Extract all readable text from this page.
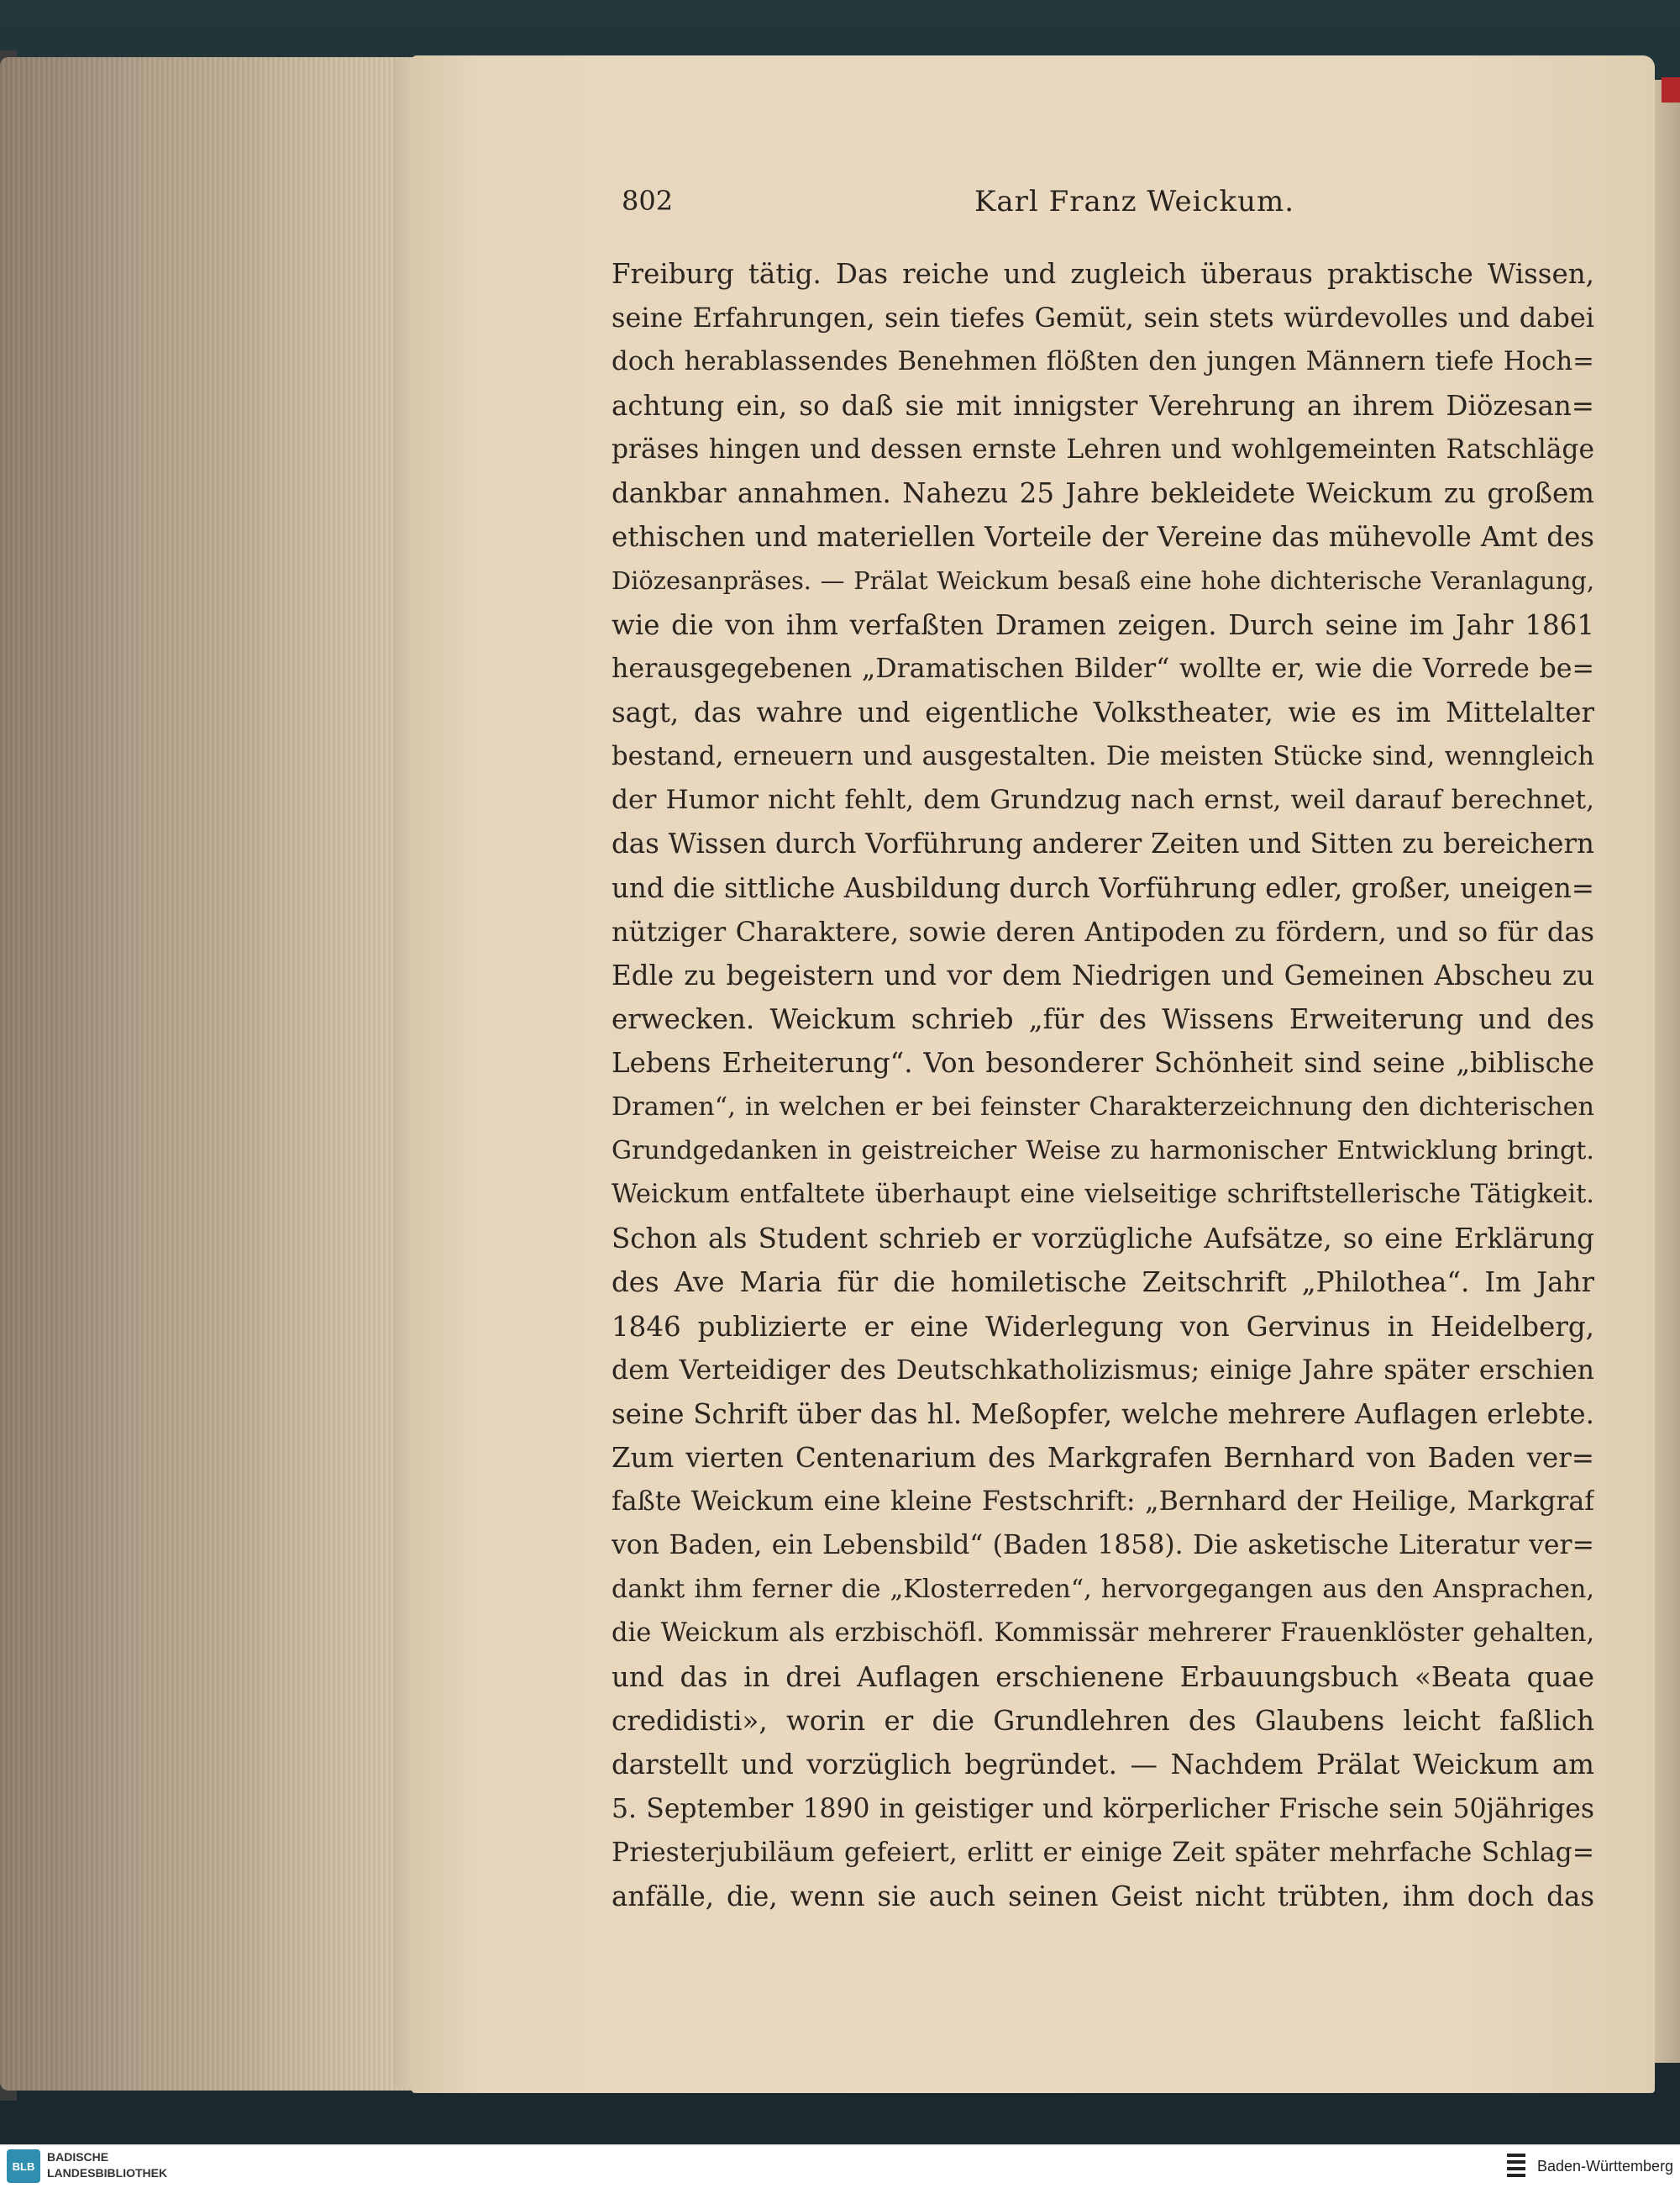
802	Karl Franz Weickum.
Freiburg tätig. Das reiche und zugleich überaus praktische Wissen,
seine Erfahrungen, sein tiefes Gemüt, sein stets würdevolles und dabei
doch herablassendes Benehmen flößten den jungen Männern tiefe Hoch=
achtung ein, so daß sie mit innigster Verehrung an ihrem Diözesan=
präses hingen und dessen ernste Lehren und wohlgemeinten Ratschläge
dankbar annahmen. Nahezu 25 Jahre bekleidete Weickum zu großem
ethischen und materiellen Vorteile der Vereine das mühevolle Amt des
Diözesanpräses. — Prälat Weickum besaß eine hohe dichterische Veranlagung,
wie die von ihm verfaßten Dramen zeigen. Durch seine im Jahr 1861
herausgegebenen „Dramatischen Bilder“ wollte er, wie die Vorrede be=
sagt, das wahre und eigentliche Volkstheater, wie es im Mittelalter
bestand, erneuern und ausgestalten. Die meisten Stücke sind, wenngleich
der Humor nicht fehlt, dem Grundzug nach ernst, weil darauf berechnet,
das Wissen durch Vorführung anderer Zeiten und Sitten zu bereichern
und die sittliche Ausbildung durch Vorführung edler, großer, uneigen=
nütziger Charaktere, sowie deren Antipoden zu fördern, und so für das
Edle zu begeistern und vor dem Niedrigen und Gemeinen Abscheu zu
erwecken. Weickum schrieb „für des Wissens Erweiterung und des
Lebens Erheiterung“. Von besonderer Schönheit sind seine „biblische
Dramen“, in welchen er bei feinster Charakterzeichnung den dichterischen
Grundgedanken in geistreicher Weise zu harmonischer Entwicklung bringt.
Weickum entfaltete überhaupt eine vielseitige schriftstellerische Tätigkeit.
Schon als Student schrieb er vorzügliche Aufsätze, so eine Erklärung
des Ave Maria für die homiletische Zeitschrift „Philothea“. Im Jahr
1846 publizierte er eine Widerlegung von Gervinus in Heidelberg,
dem Verteidiger des Deutschkatholizismus; einige Jahre später erschien
seine Schrift über das hl. Meßopfer, welche mehrere Auflagen erlebte.
Zum vierten Centenarium des Markgrafen Bernhard von Baden ver=
faßte Weickum eine kleine Festschrift: „Bernhard der Heilige, Markgraf
von Baden, ein Lebensbild“ (Baden 1858). Die asketische Literatur ver=
dankt ihm ferner die „Klosterreden“, hervorgegangen aus den Ansprachen,
die Weickum als erzbischöfl. Kommissär mehrerer Frauenklöster gehalten,
und das in drei Auflagen erschienene Erbauungsbuch «Beata quae
credidisti», worin er die Grundlehren des Glaubens leicht faßlich
darstellt und vorzüglich begründet. — Nachdem Prälat Weickum am
5. September 1890 in geistiger und körperlicher Frische sein 50jähriges
Priesterjubiläum gefeiert, erlitt er einige Zeit später mehrfache Schlag=
anfälle, die, wenn sie auch seinen Geist nicht trübten, ihm doch das
BLB
BADISCHE
LANDESBIBLIOTHEK	Baden-Württemberg
